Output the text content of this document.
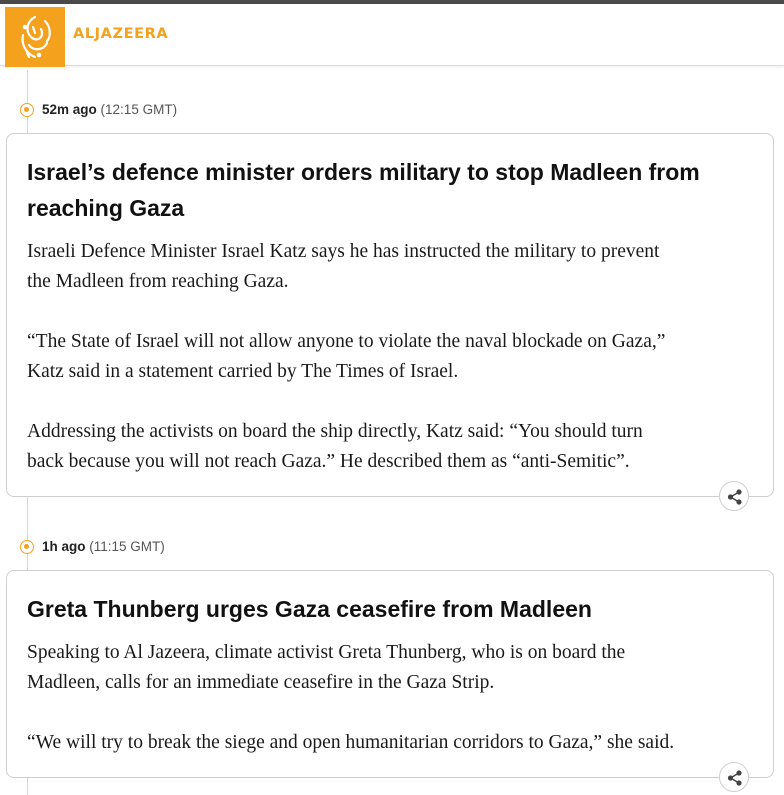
ALJAZEERA
52m ago (12:15 GMT)
Israel’s defence minister orders military to stop Madleen from
reaching Gaza
Israeli Defence Minister Israel Katz says he has instructed the military to prevent
the Madleen from reaching Gaza.
“The State of Israel will not allow anyone to violate the naval blockade on Gaza,”
Katz said in a statement carried by The Times of Israel.
Addressing the activists on board the ship directly, Katz said: “You should turn
back because you will not reach Gaza.” He described them as “anti-Semitic”.
1h ago (11:15 GMT)
Greta Thunberg urges Gaza ceasefire from Madleen
Speaking to Al Jazeera, climate activist Greta Thunberg, who is on board the
Madleen, calls for an immediate ceasefire in the Gaza Strip.
“We will try to break the siege and open humanitarian corridors to Gaza,” she said.
